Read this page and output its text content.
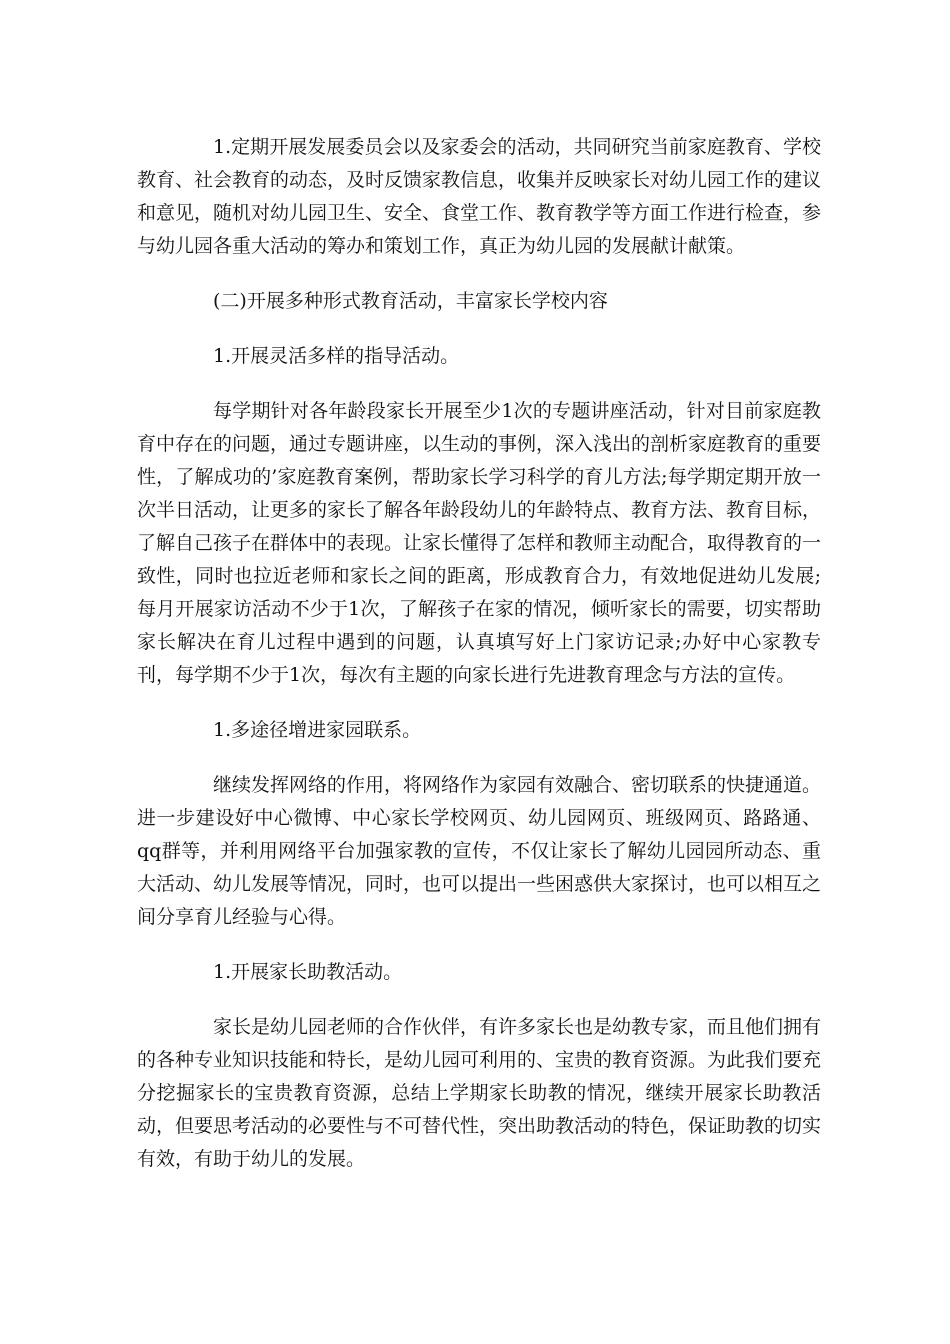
1.定期开展发展委员会以及家委会的活动，共同研究当前家庭教育、学校教育、社会教育的动态，及时反馈家教信息，收集并反映家长对幼儿园工作的建议和意见，随机对幼儿园卫生、安全、食堂工作、教育教学等方面工作进行检查，参与幼儿园各重大活动的筹办和策划工作，真正为幼儿园的发展献计献策。

(二)开展多种形式教育活动，丰富家长学校内容

1.开展灵活多样的指导活动。

每学期针对各年龄段家长开展至少1次的专题讲座活动，针对目前家庭教育中存在的问题，通过专题讲座，以生动的事例，深入浅出的剖析家庭教育的重要性，了解成功的’家庭教育案例，帮助家长学习科学的育儿方法;每学期定期开放一次半日活动，让更多的家长了解各年龄段幼儿的年龄特点、教育方法、教育目标，了解自己孩子在群体中的表现。让家长懂得了怎样和教师主动配合，取得教育的一致性，同时也拉近老师和家长之间的距离，形成教育合力，有效地促进幼儿发展;每月开展家访活动不少于1次，了解孩子在家的情况，倾听家长的需要，切实帮助家长解决在育儿过程中遇到的问题，认真填写好上门家访记录;办好中心家教专刊，每学期不少于1次，每次有主题的向家长进行先进教育理念与方法的宣传。

1.多途径增进家园联系。

继续发挥网络的作用，将网络作为家园有效融合、密切联系的快捷通道。进一步建设好中心微博、中心家长学校网页、幼儿园网页、班级网页、路路通、qq群等，并利用网络平台加强家教的宣传，不仅让家长了解幼儿园园所动态、重大活动、幼儿发展等情况，同时，也可以提出一些困惑供大家探讨，也可以相互之间分享育儿经验与心得。

1.开展家长助教活动。

家长是幼儿园老师的合作伙伴，有许多家长也是幼教专家，而且他们拥有的各种专业知识技能和特长，是幼儿园可利用的、宝贵的教育资源。为此我们要充分挖掘家长的宝贵教育资源，总结上学期家长助教的情况，继续开展家长助教活动，但要思考活动的必要性与不可替代性，突出助教活动的特色，保证助教的切实有效，有助于幼儿的发展。
